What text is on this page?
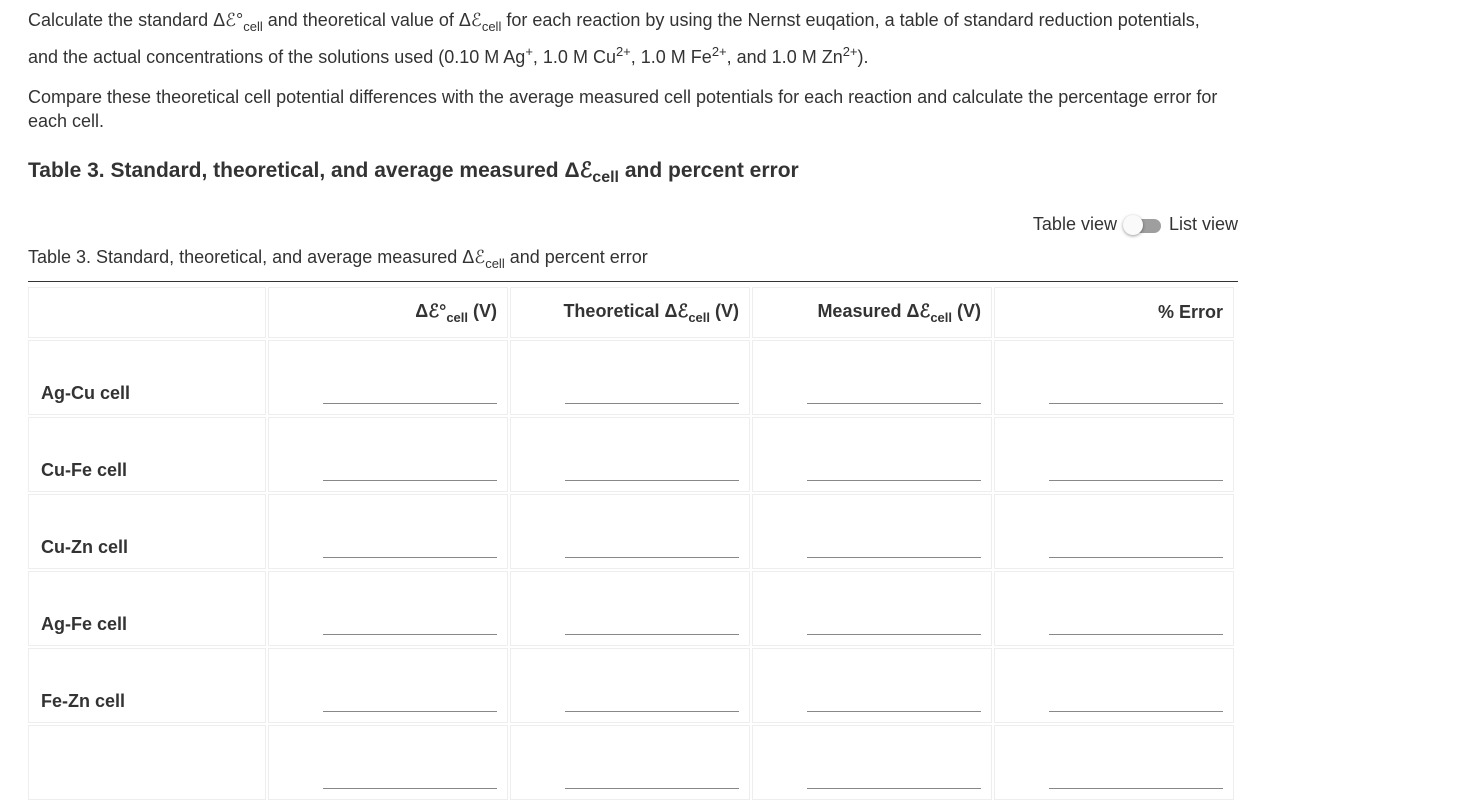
Calculate the standard $\Delta ℰ^\circ_{cell}$ and theoretical value of Δℰ$_{cell}$ for each reaction by using the Nernst euqation, a table of standard reduction potentials, and the actual concentrations of the solutions used (0.10 M Ag+, 1.0 M $Cu^{2+}$, 1.0 M $Fe^{2+}$, and 1.0 M $Zn^{2+}$).

Compare these theoretical cell potential differences with the average measured cell potentials for each reaction and calculate the percentage error for each cell.

Table 3. Standard, theoretical, and average measured Δℰ$_{cell}$ and percent error
Table view	List view
Table 3. Standard, theoretical, and average measured Δℰ$_{cell}$ and percent error
	$\Delta ℰ^\circ_{cell}$ (V)	Theoretical Δℰ$_{cell}$ (V)	Measured Δℰ$_{cell}$ (V)	% Error
Ag-Cu cell	

Cu-Fe cell	

Cu-Zn cell	

Ag-Fe cell	

Fe-Zn cell	
